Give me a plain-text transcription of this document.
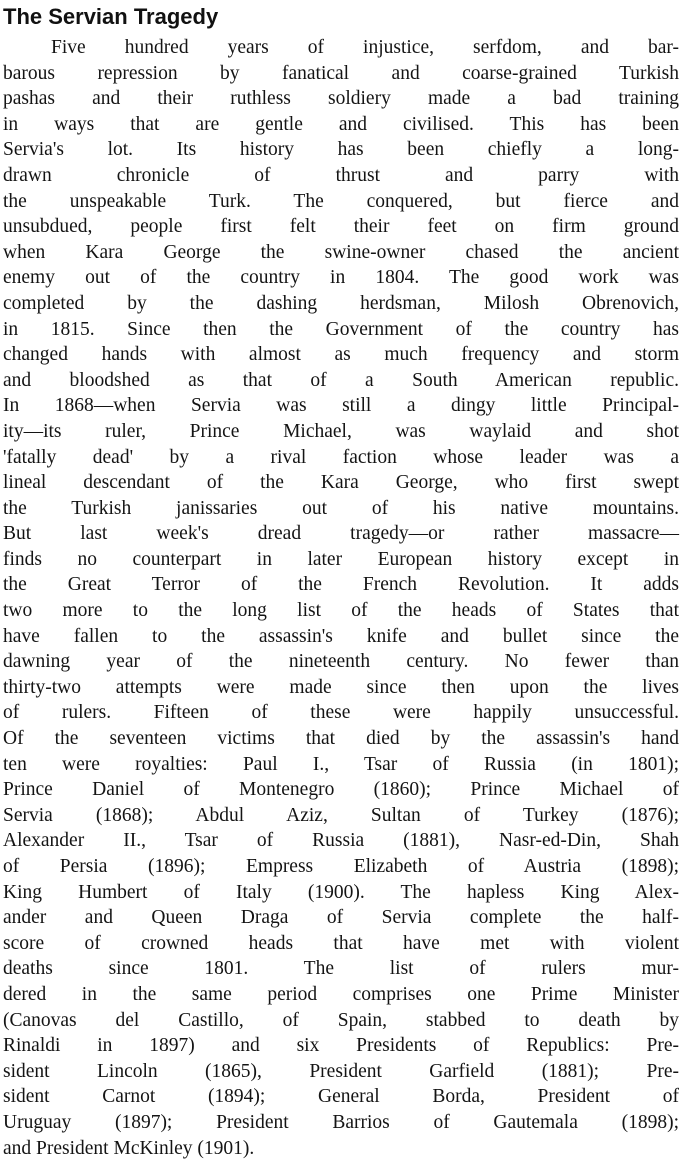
The Servian Tragedy
Five hundred years of injustice, serfdom, and bar-
barous repression by fanatical and coarse-grained Turkish
pashas and their ruthless soldiery made a bad training
in ways that are gentle and civilised. This has been
Servia's lot. Its history has been chiefly a long-
drawn chronicle of thrust and parry with
the unspeakable Turk. The conquered, but fierce and
unsubdued, people first felt their feet on firm ground
when Kara George the swine-owner chased the ancient
enemy out of the country in 1804. The good work was
completed by the dashing herdsman, Milosh Obrenovich,
in 1815. Since then the Government of the country has
changed hands with almost as much frequency and storm
and bloodshed as that of a South American republic.
In 1868—when Servia was still a dingy little Principal-
ity—its ruler, Prince Michael, was waylaid and shot
'fatally dead' by a rival faction whose leader was a
lineal descendant of the Kara George, who first swept
the Turkish janissaries out of his native mountains.
But last week's dread tragedy—or rather massacre—
finds no counterpart in later European history except in
the Great Terror of the French Revolution. It adds
two more to the long list of the heads of States that
have fallen to the assassin's knife and bullet since the
dawning year of the nineteenth century. No fewer than
thirty-two attempts were made since then upon the lives
of rulers. Fifteen of these were happily unsuccessful.
Of the seventeen victims that died by the assassin's hand
ten were royalties: Paul I., Tsar of Russia (in 1801);
Prince Daniel of Montenegro (1860); Prince Michael of
Servia (1868); Abdul Aziz, Sultan of Turkey (1876);
Alexander II., Tsar of Russia (1881), Nasr-ed-Din, Shah
of Persia (1896); Empress Elizabeth of Austria (1898);
King Humbert of Italy (1900). The hapless King Alex-
ander and Queen Draga of Servia complete the half-
score of crowned heads that have met with violent
deaths since 1801. The list of rulers mur-
dered in the same period comprises one Prime Minister
(Canovas del Castillo, of Spain, stabbed to death by
Rinaldi in 1897) and six Presidents of Republics: Pre-
sident Lincoln (1865), President Garfield (1881); Pre-
sident Carnot (1894); General Borda, President of
Uruguay (1897); President Barrios of Gautemala (1898);
and President McKinley (1901).
